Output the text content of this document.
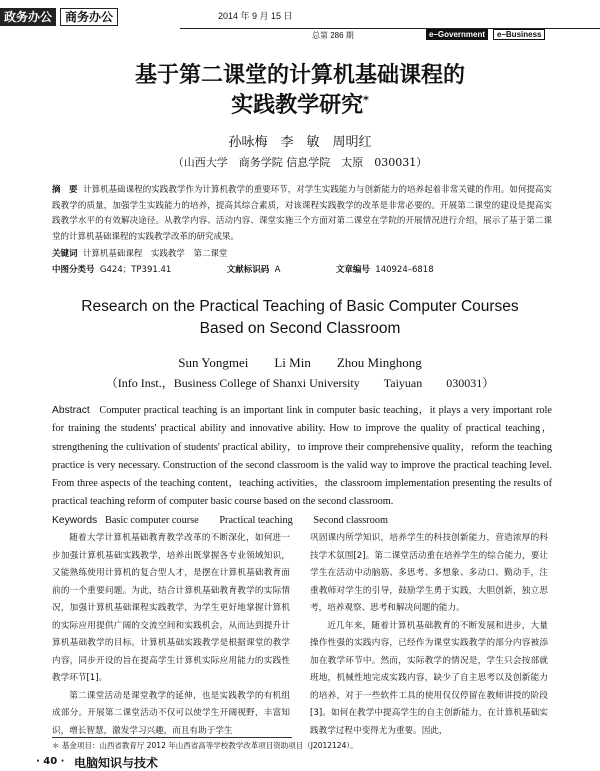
政务办公	商务办公	2014 年 9 月 15 日
总第 286 期	e–Government	e–Business
基于第二课堂的计算机基础课程的
实践教学研究*
孙咏梅　李　敏　周明红
（山西大学　商务学院 信息学院　太原　030031）
摘　要 计算机基础课程的实践教学作为计算机教学的重要环节，对学生实践能力与创新能力的培养起着非常关键的作用。如何提高实践教学的质量，加强学生实践能力的培养，提高其综合素质，对该课程实践教学的改革是非常必要的。开展第二课堂的建设是提高实践教学水平的有效解决途径。从教学内容、活动内容、课堂实施三个方面对第二课堂在学院的开展情况进行介绍，展示了基于第二课堂的计算机基础课程的实践教学改革的研究成果。
关键词 计算机基础课程　实践教学　第二课堂
中图分类号 G424；TP391.41	文献标识码 A	文章编号 140924–6818
Research on the Practical Teaching of Basic Computer Courses
Based on Second Classroom
Sun Yongmei　　Li Min　　Zhou Minghong
（Info Inst.，Business College of Shanxi University　　Taiyuan　　030031）
Abstract Computer practical teaching is an important link in computer basic teaching，it plays a very important role for training the students' practical ability and innovative ability. How to improve the quality of practical teaching，strengthening the cultivation of students' practical ability，to improve their comprehensive quality，reform the teaching practice is very necessary. Construction of the second classroom is the valid way to improve the practical teaching level. From three aspects of the teaching content，teaching activities，the classroom implementation presenting the results of practical teaching reform of computer basic course based on the second classroom.
Keywords Basic computer course　　Practical teaching　　Second classroom

随着大学计算机基础教育教学改革的不断深化，如何进一步加强计算机基础实践教学，培养出既掌握各专业领域知识，又能熟练使用计算机的复合型人才，是摆在计算机基础教育面前的一个重要问题。为此，结合计算机基础教育教学的实际情况，加强计算机基础课程实践教学，为学生更好地掌握计算机的实际应用提供广阔的交流空间和实践机会，从而达到提升计算机基础教学的目标。计算机基础实践教学是根据课堂的教学内容，同步开设的旨在提高学生计算机实际应用能力的实践性教学环节[1]。

第二课堂活动是课堂教学的延伸，也是实践教学的有机组成部分。开展第二课堂活动不仅可以使学生开阔视野，丰富知识，增长智慧，激发学习兴趣，而且有助于学生

巩固课内所学知识，培养学生的科技创新能力，营造浓厚的科技学术氛围[2]。第二课堂活动重在培养学生的综合能力，要让学生在活动中动脑筋、多思考、多想象、多动口、勤动手，注重教师对学生的引导，鼓励学生勇于实践，大胆创新，独立思考，培养观察、思考和解决问题的能力。

近几年来，随着计算机基础教育的不断发展和进步，大量操作性强的实践内容，已经作为课堂实践教学的部分内容被添加在教学环节中。然而，实际教学的情况是，学生只会按部就班地，机械性地完成实践内容，缺少了自主思考以及创新能力的培养，对于一些软件工具的使用仅仅停留在教师讲授的阶段[3]。如何在教学中提高学生的自主创新能力，在计算机基础实践教学过程中变得尤为重要。因此，

＊ 基金项目：山西省教育厅 2012 年山西省高等学校教学改革项目资助项目（J2012124）。
· 40 · 电脑知识与技术
